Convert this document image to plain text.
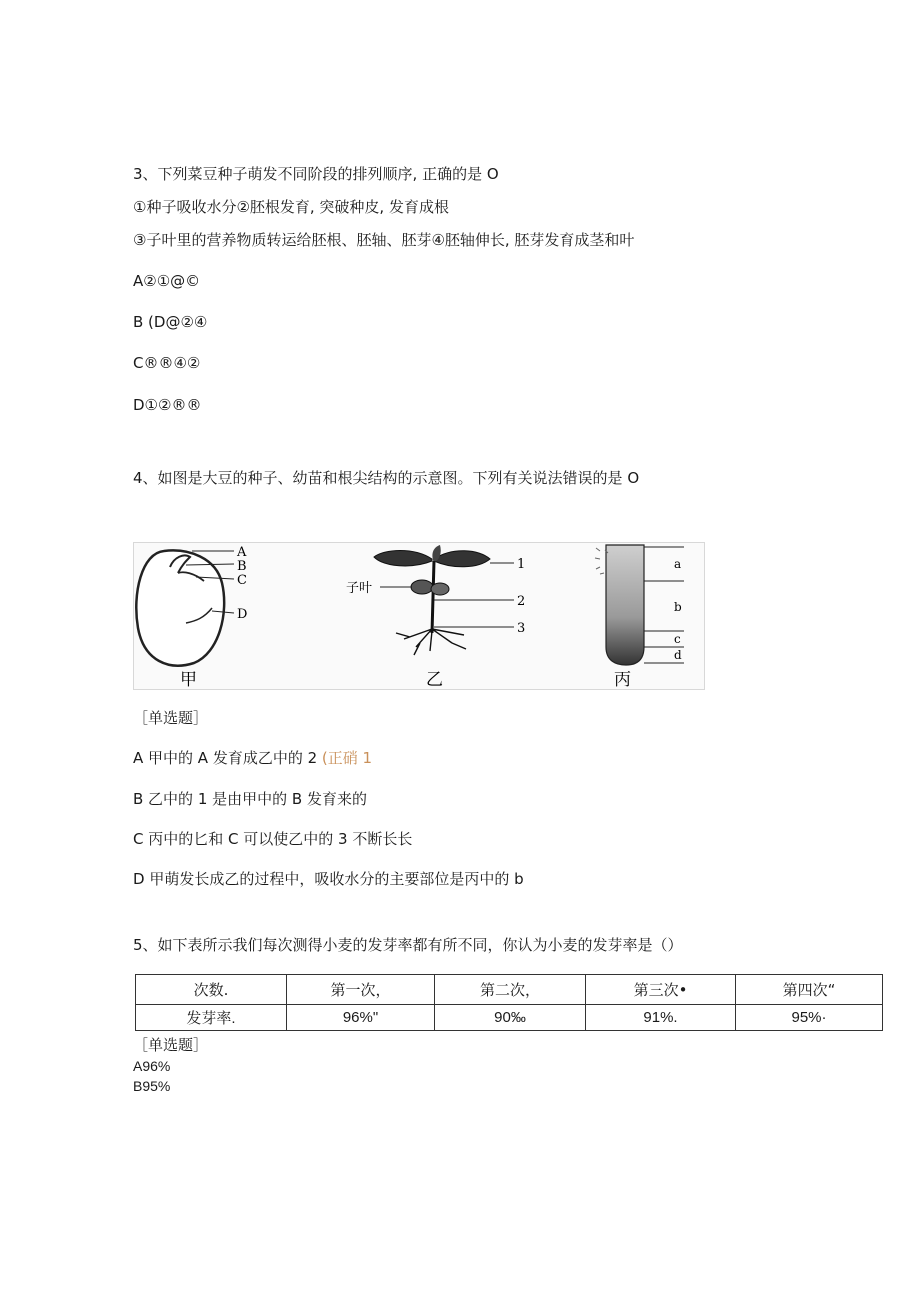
3、下列菜豆种子萌发不同阶段的排列顺序, 正确的是 O
①种子吸收水分②胚根发育, 突破种皮, 发育成根
③子叶里的营养物质转运给胚根、胚轴、胚芽④胚轴伸长, 胚芽发育成茎和叶
A②①@©
B (D@②④
C®®④②
D①②®®
4、如图是大豆的种子、幼苗和根尖结构的示意图。下列有关说法错误的是 O
A
B
C
D
甲
1
2
3
子叶
乙
a
b
c
d
丙
［单选题］
A 甲中的 A 发育成乙中的 2 (正硝 1
B 乙中的 1 是由甲中的 B 发育来的
C 丙中的匕和 C 可以使乙中的 3 不断长长
D 甲萌发长成乙的过程中，吸收水分的主要部位是丙中的 b
5、如下表所示我们每次测得小麦的发芽率都有所不同，你认为小麦的发芽率是（）
次数.	第一次，	第二次，	第三次•	第四次“
发芽率.	96%"	90‰	91%.	95%·
［单选题］
A96%
B95%
